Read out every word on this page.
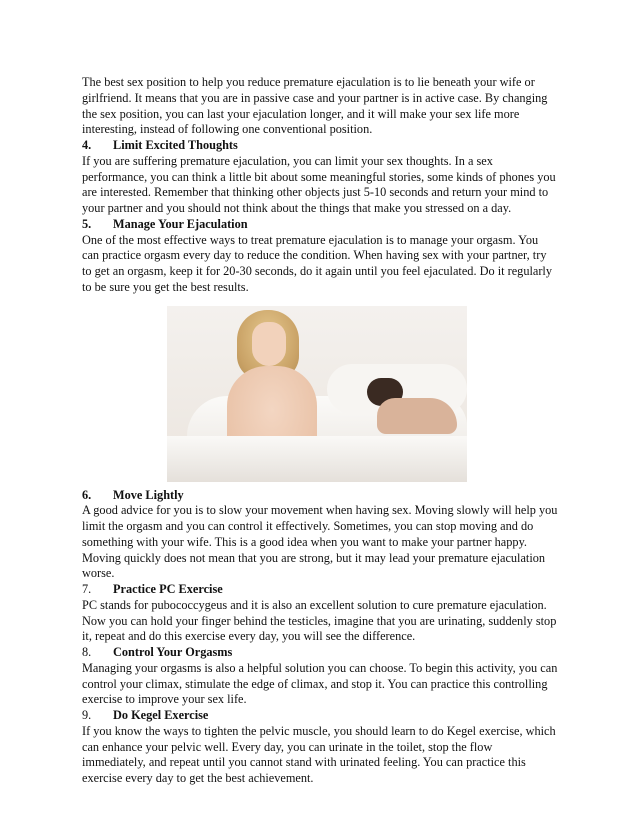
The best sex position to help you reduce premature ejaculation is to lie beneath your wife or girlfriend. It means that you are in passive case and your partner is in active case. By changing the sex position, you can last your ejaculation longer, and it will make your sex life more interesting, instead of following one conventional position.

4.	Limit Excited Thoughts

If you are suffering premature ejaculation, you can limit your sex thoughts. In a sex performance, you can think a little bit about some meaningful stories, some kinds of phones you are interested. Remember that thinking other objects just 5-10 seconds and return your mind to your partner and you should not think about the things that make you stressed on a day.

5.	Manage Your Ejaculation

One of the most effective ways to treat premature ejaculation is to manage your orgasm. You can practice orgasm every day to reduce the condition. When having sex with your partner, try to get an orgasm, keep it for 20-30 seconds, do it again until you feel ejaculated. Do it regularly to be sure you get the best results.

6.	Move Lightly

A good advice for you is to slow your movement when having sex. Moving slowly will help you limit the orgasm and you can control it effectively. Sometimes, you can stop moving and do something with your wife. This is a good idea when you want to make your partner happy. Moving quickly does not mean that you are strong, but it may lead your premature ejaculation worse.

7.	Practice PC Exercise

PC stands for pubococcygeus and it is also an excellent solution to cure premature ejaculation. Now you can hold your finger behind the testicles, imagine that you are urinating, suddenly stop it, repeat and do this exercise every day, you will see the difference.

8.	Control Your Orgasms

Managing your orgasms is also a helpful solution you can choose. To begin this activity, you can control your climax, stimulate the edge of climax, and stop it. You can practice this controlling exercise to improve your sex life.

9.	Do Kegel Exercise

If you know the ways to tighten the pelvic muscle, you should learn to do Kegel exercise, which can enhance your pelvic well. Every day, you can urinate in the toilet, stop the flow immediately, and repeat until you cannot stand with urinated feeling. You can practice this exercise every day to get the best achievement.
